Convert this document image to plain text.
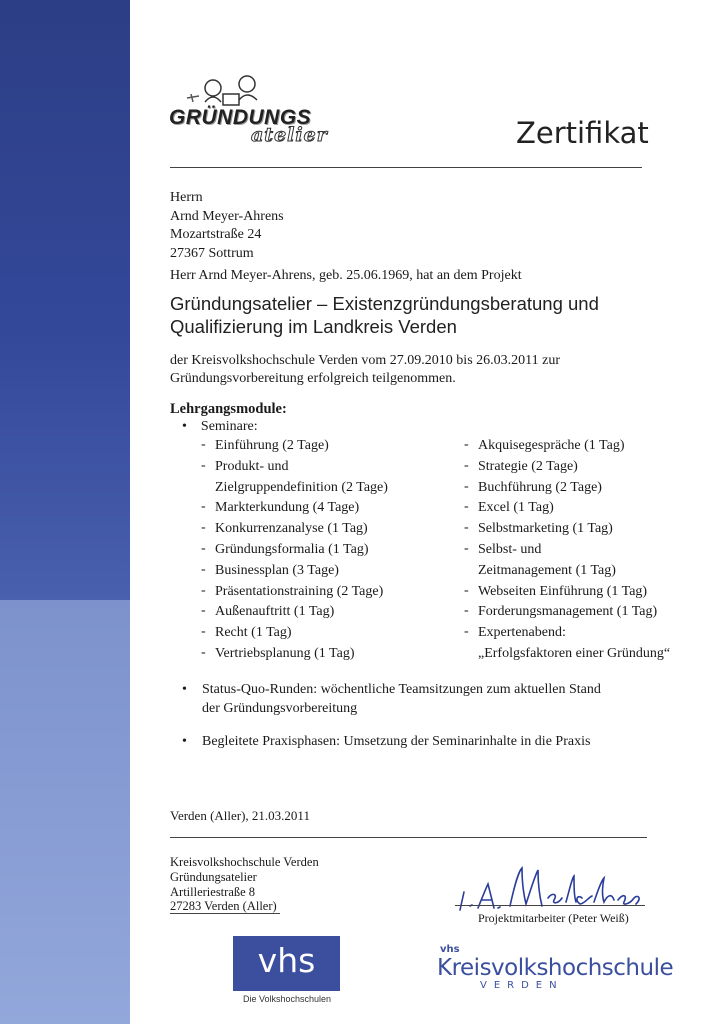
GRÜNDUNGS
atelier	Zertifikat
Herrn
Arnd Meyer-Ahrens
Mozartstraße 24
27367 Sottrum
Herr Arnd Meyer-Ahrens, geb. 25.06.1969, hat an dem Projekt
Gründungsatelier – Existenzgründungsberatung und
Qualifizierung im Landkreis Verden
der Kreisvolkshochschule Verden vom 27.09.2010 bis 26.03.2011 zur
Gründungsvorbereitung erfolgreich teilgenommen.
Lehrgangsmodule:
• Seminare:
- Einführung (2 Tage)
- Produkt- und
Zielgruppendefinition (2 Tage)
- Markterkundung (4 Tage)
- Konkurrenzanalyse (1 Tag)
- Gründungsformalia (1 Tag)
- Businessplan (3 Tage)
- Präsentationstraining (2 Tage)
- Außenauftritt (1 Tag)
- Recht (1 Tag)
- Vertriebsplanung (1 Tag)
- Akquisegespräche (1 Tag)
- Strategie (2 Tage)
- Buchführung (2 Tage)
- Excel (1 Tag)
- Selbstmarketing (1 Tag)
- Selbst- und
Zeitmanagement (1 Tag)
- Webseiten Einführung (1 Tag)
- Forderungsmanagement (1 Tag)
- Expertenabend:
„Erfolgsfaktoren einer Gründung“
• Status-Quo-Runden: wöchentliche Teamsitzungen zum aktuellen Stand
der Gründungsvorbereitung
• Begleitete Praxisphasen: Umsetzung der Seminarinhalte in die Praxis
Verden (Aller), 21.03.2011
Kreisvolkshochschule Verden
Gründungsatelier
Artilleriestraße 8
27283 Verden (Aller)
Projektmitarbeiter (Peter Weiß)
vhs
Die Volkshochschulen
vhs
Kreisvolkshochschule
VERDEN
